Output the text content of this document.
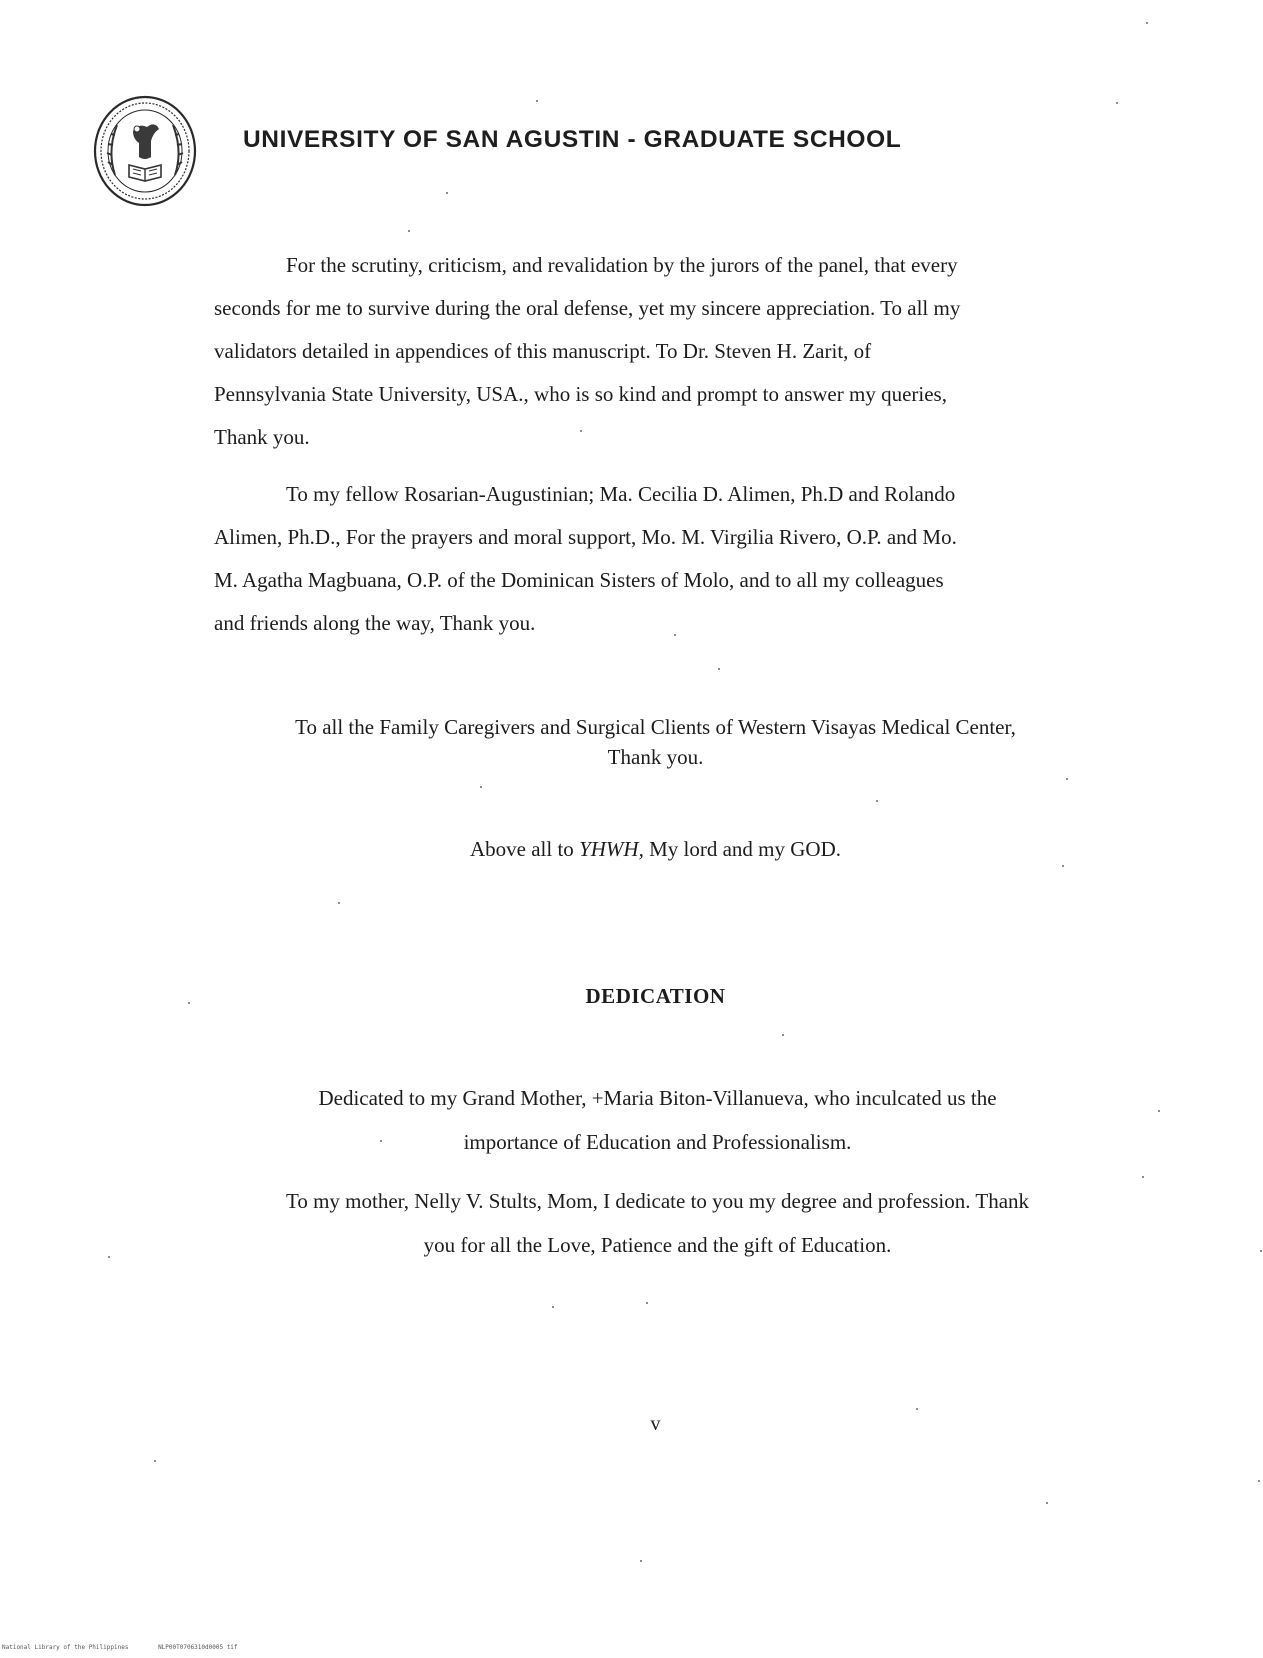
UNIVERSITY OF SAN AGUSTIN - GRADUATE SCHOOL
For the scrutiny, criticism, and revalidation by the jurors of the panel, that every
seconds for me to survive during the oral defense, yet my sincere appreciation. To all my
validators detailed in appendices of this manuscript. To Dr. Steven H. Zarit, of
Pennsylvania State University, USA., who is so kind and prompt to answer my queries,
Thank you.
To my fellow Rosarian-Augustinian; Ma. Cecilia D. Alimen, Ph.D and Rolando
Alimen, Ph.D., For the prayers and moral support, Mo. M. Virgilia Rivero, O.P. and Mo.
M. Agatha Magbuana, O.P. of the Dominican Sisters of Molo, and to all my colleagues
and friends along the way, Thank you.
To all the Family Caregivers and Surgical Clients of Western Visayas Medical Center,
Thank you.
Above all to YHWH, My lord and my GOD.
DEDICATION
Dedicated to my Grand Mother, +Maria Biton-Villanueva, who inculcated us the
importance of Education and Professionalism.
To my mother, Nelly V. Stults, Mom, I dedicate to you my degree and profession. Thank
you for all the Love, Patience and the gift of Education.
v
National Library of the Philippines	NLP00T0706310d0005 tif
